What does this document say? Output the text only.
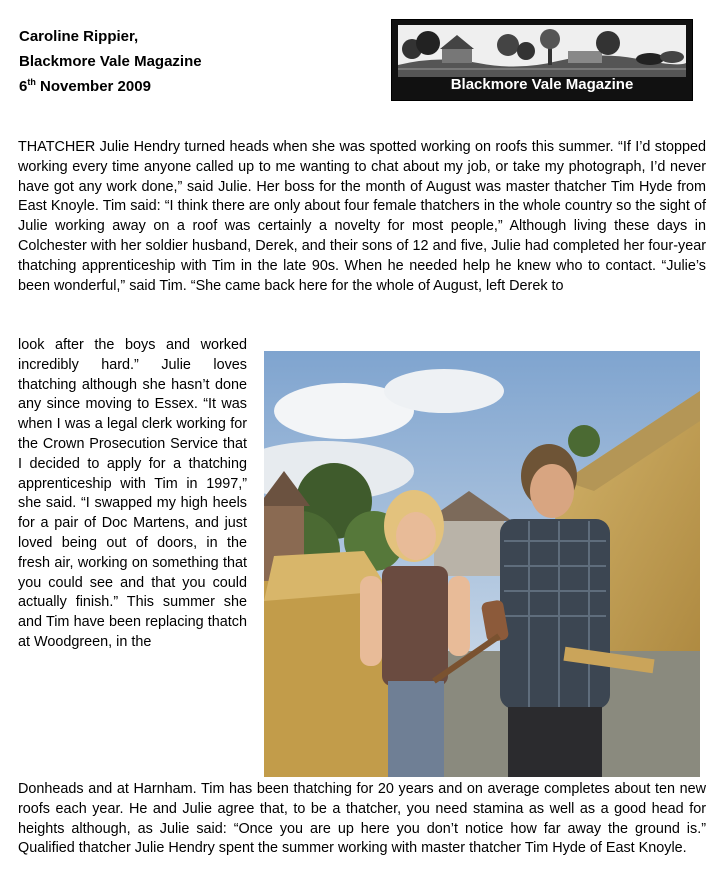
Caroline Rippier,
Blackmore Vale Magazine
6th November 2009	Blackmore Vale Magazine

THATCHER Julie Hendry turned heads when she was spotted working on roofs this summer. “If I’d stopped working every time anyone called up to me wanting to chat about my job, or take my photograph, I’d never have got any work done,” said Julie. Her boss for the month of August was master thatcher Tim Hyde from East Knoyle. Tim said: “I think there are only about four female thatchers in the whole country so the sight of Julie working away on a roof was certainly a novelty for most people,” Although living these days in Colchester with her soldier husband, Derek, and their sons of 12 and five, Julie had completed her four-year thatching apprenticeship with Tim in the late 90s. When he needed help he knew who to contact. “Julie’s been wonderful,” said Tim. “She came back here for the whole of August, left Derek to

look after the boys and worked incredibly hard.” Julie loves thatching although she hasn’t done any since moving to Essex. “It was when I was a legal clerk working for the Crown Prosecution Service that I decided to apply for a thatching apprenticeship with Tim in 1997,” she said. “I swapped my high heels for a pair of Doc Martens, and just loved being out of doors, in the fresh air, working on something that you could see and that you could actually finish.” This summer she and Tim have been replacing thatch at Woodgreen, in the

Donheads and at Harnham. Tim has been thatching for 20 years and on average completes about ten new roofs each year. He and Julie agree that, to be a thatcher, you need stamina as well as a good head for heights although, as Julie said: “Once you are up here you don’t notice how far away the ground is.” Qualified thatcher Julie Hendry spent the summer working with master thatcher Tim Hyde of East Knoyle.
